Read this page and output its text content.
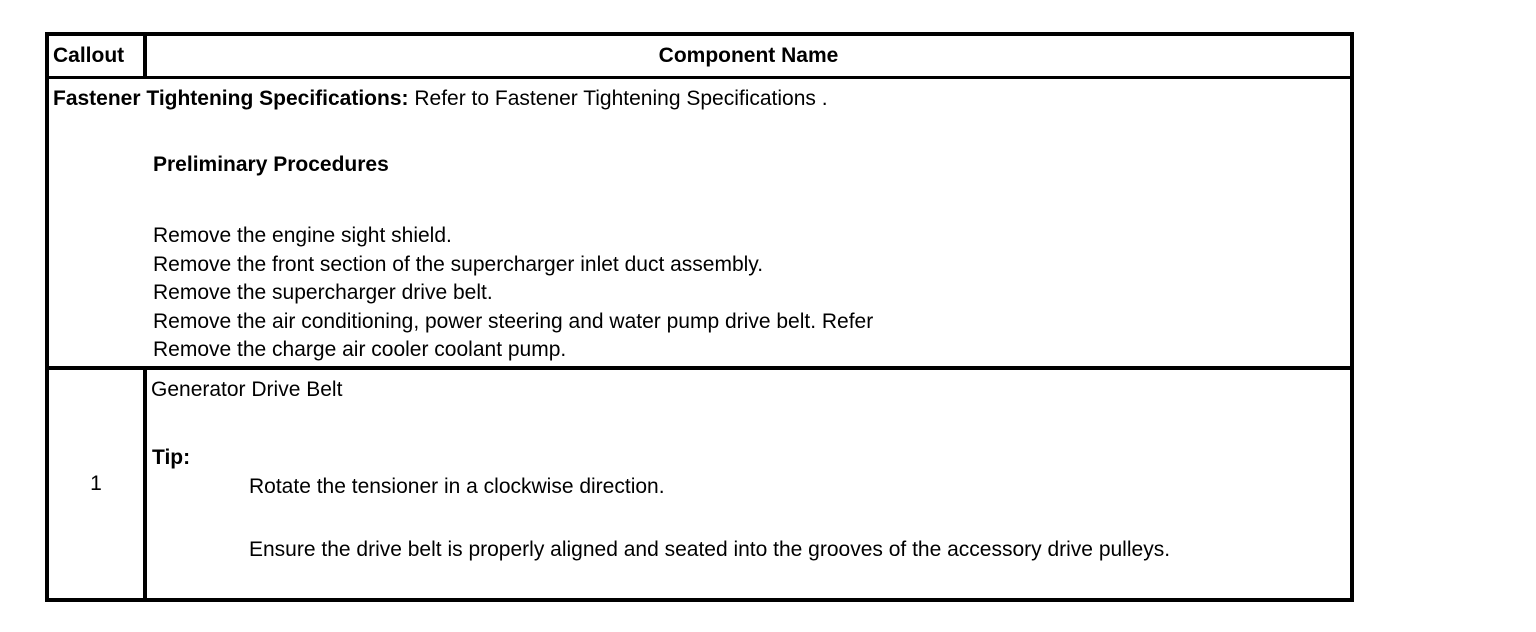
Callout	Component Name
Fastener Tightening Specifications: Refer to Fastener Tightening Specifications .
Preliminary Procedures
Remove the engine sight shield.
Remove the front section of the supercharger inlet duct assembly.
Remove the supercharger drive belt.
Remove the air conditioning, power steering and water pump drive belt. Refer
Remove the charge air cooler coolant pump.
1
Generator Drive Belt
Tip:
Rotate the tensioner in a clockwise direction.
Ensure the drive belt is properly aligned and seated into the grooves of the accessory drive pulleys.
